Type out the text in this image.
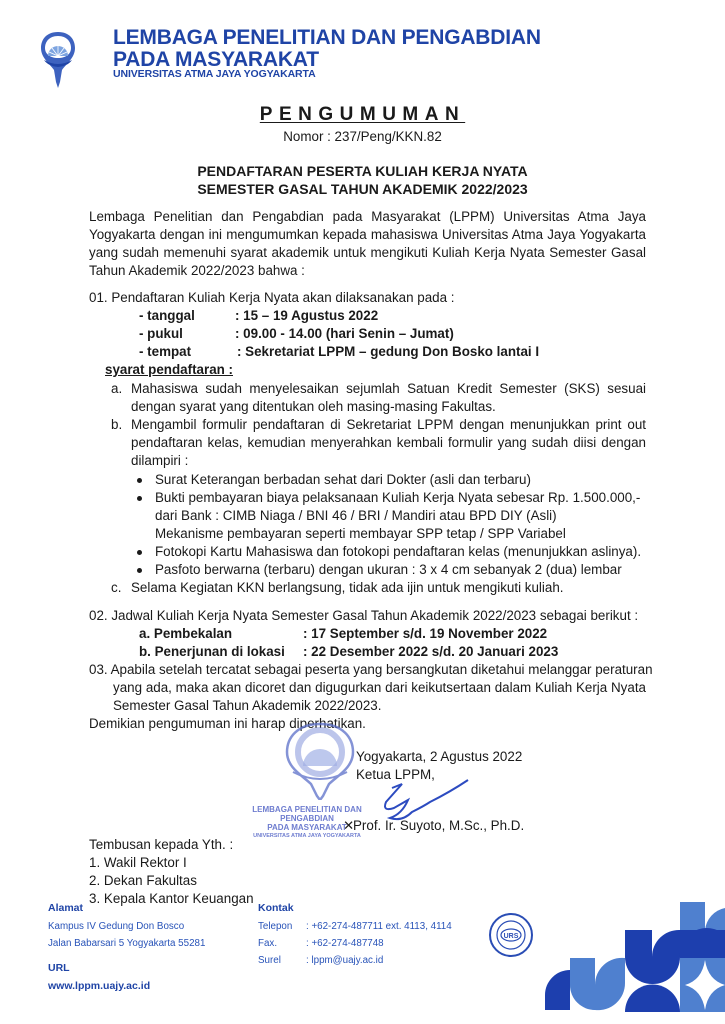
LEMBAGA PENELITIAN DAN PENGABDIAN
PADA MASYARAKAT
UNIVERSITAS ATMA JAYA YOGYAKARTA
PENGUMUMAN
Nomor : 237/Peng/KKN.82
PENDAFTARAN PESERTA KULIAH KERJA NYATA
SEMESTER GASAL TAHUN AKADEMIK 2022/2023
Lembaga Penelitian dan Pengabdian pada Masyarakat (LPPM) Universitas Atma Jaya Yogyakarta dengan ini mengumumkan kepada mahasiswa Universitas Atma Jaya Yogyakarta yang sudah memenuhi syarat akademik untuk mengikuti Kuliah Kerja Nyata Semester Gasal Tahun Akademik 2022/2023 bahwa :
01. Pendaftaran Kuliah Kerja Nyata akan dilaksanakan pada :
- tanggal	: 15 – 19 Agustus 2022
- pukul	: 09.00 - 14.00 (hari Senin – Jumat)
- tempat	: Sekretariat LPPM – gedung Don Bosko lantai I
syarat pendaftaran :
a. Mahasiswa sudah menyelesaikan sejumlah Satuan Kredit Semester (SKS) sesuai dengan syarat yang ditentukan oleh masing-masing Fakultas.
b. Mengambil formulir pendaftaran di Sekretariat LPPM dengan menunjukkan print out pendaftaran kelas, kemudian menyerahkan kembali formulir yang sudah diisi dengan dilampiri :
Surat Keterangan berbadan sehat dari Dokter (asli dan terbaru)
Bukti pembayaran biaya pelaksanaan Kuliah Kerja Nyata sebesar Rp. 1.500.000,-
dari Bank : CIMB Niaga / BNI 46 / BRI / Mandiri atau BPD DIY (Asli)
Mekanisme pembayaran seperti membayar SPP tetap / SPP Variabel
Fotokopi Kartu Mahasiswa dan fotokopi pendaftaran kelas (menunjukkan aslinya).
Pasfoto berwarna (terbaru) dengan ukuran : 3 x 4 cm sebanyak 2 (dua) lembar
c. Selama Kegiatan KKN berlangsung, tidak ada ijin untuk mengikuti kuliah.
02. Jadwal Kuliah Kerja Nyata Semester Gasal Tahun Akademik 2022/2023 sebagai berikut :
a. Pembekalan	: 17 September s/d. 19 November 2022
b. Penerjunan di lokasi : 22 Desember 2022 s/d. 20 Januari 2023
03. Apabila setelah tercatat sebagai peserta yang bersangkutan diketahui melanggar peraturan
yang ada, maka akan dicoret dan digugurkan dari keikutsertaan dalam Kuliah Kerja Nyata Semester Gasal Tahun Akademik 2022/2023.
Demikian pengumuman ini harap diperhatikan.
Yogyakarta, 2 Agustus 2022
Ketua LPPM,
LEMBAGA PENELITIAN DAN PENGABDIAN
PADA MASYARAKAT
UNIVERSITAS ATMA JAYA YOGYAKARTA
✕
Prof. Ir. Suyoto, M.Sc., Ph.D.
Tembusan kepada Yth. :
1. Wakil Rektor I
2. Dekan Fakultas
3. Kepala Kantor Keuangan
Alamat
Kampus IV Gedung Don Bosco
Jalan Babarsari 5 Yogyakarta 55281
URL
www.lppm.uajy.ac.id
Kontak
Telepon : +62-274-487711 ext. 4113, 4114
Fax.	: +62-274-487748
Surel	: lppm@uajy.ac.id
URS
